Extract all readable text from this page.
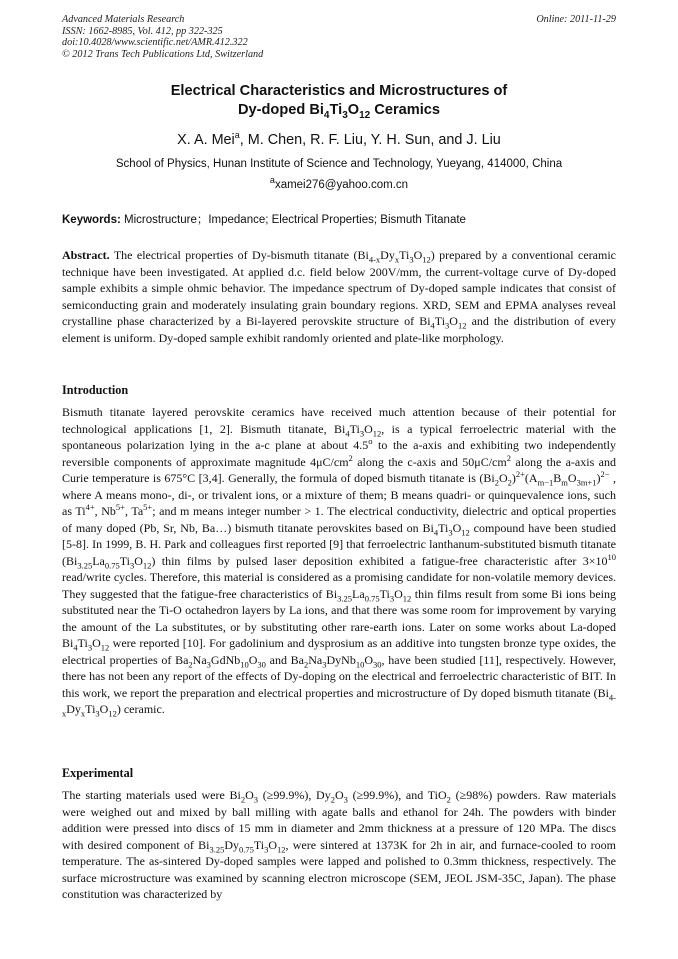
Advanced Materials Research
ISSN: 1662-8985, Vol. 412, pp 322-325
doi:10.4028/www.scientific.net/AMR.412.322
© 2012 Trans Tech Publications Ltd, Switzerland
Online: 2011-11-29
Electrical Characteristics and Microstructures of
Dy-doped $Bi_4Ti_3O_{12}$ Ceramics
X. A. Mei$^a$, M. Chen, R. F. Liu, Y. H. Sun, and J. Liu
School of Physics, Hunan Institute of Science and Technology, Yueyang, 414000, China
$^a$xamei276@yahoo.com.cn
Keywords: Microstructure；Impedance; Electrical Properties; Bismuth Titanate
Abstract. The electrical properties of Dy-bismuth titanate $(Bi_{4-x}Dy_xTi_3O_{12})$ prepared by a conventional ceramic technique have been investigated. At applied d.c. field below 200V/mm, the current-voltage curve of Dy-doped sample exhibits a simple ohmic behavior. The impedance spectrum of Dy-doped sample indicates that consist of semiconducting grain and moderately insulating grain boundary regions. XRD, SEM and EPMA analyses reveal crystalline phase characterized by a Bi-layered perovskite structure of $Bi_4Ti_3O_{12}$ and the distribution of every element is uniform. Dy-doped sample exhibit randomly oriented and plate-like morphology.
Introduction
Bismuth titanate layered perovskite ceramics have received much attention because of their potential for technological applications [1, 2]. Bismuth titanate, $Bi_4Ti_3O_{12}$, is a typical ferroelectric material with the spontaneous polarization lying in the a-c plane at about 4.5$^o$ to the a-axis and exhibiting two independently reversible components of approximate magnitude $4\mu C/cm^2$ along the c-axis and $50\mu C/cm^2$ along the a-axis and Curie temperature is 675°C [3,4]. Generally, the formula of doped bismuth titanate is $(Bi_2O_2)^{2+}(A_{m-1}B_mO_{3m+1})^{2-}$ , where A means mono-, di-, or trivalent ions, or a mixture of them; B means quadri- or quinquevalence ions, such as $Ti^{4+}$, $Nb^{5+}$, $Ta^{5+}$; and m means integer number > 1. The electrical conductivity, dielectric and optical properties of many doped (Pb, Sr, Nb, Ba…) bismuth titanate perovskites based on $Bi_4Ti_3O_{12}$ compound have been studied [5-8]. In 1999, B. H. Park and colleagues first reported [9] that ferroelectric lanthanum-substituted bismuth titanate $(Bi_{3.25}La_{0.75}Ti_3O_{12})$ thin films by pulsed laser deposition exhibited a fatigue-free characteristic after $3\times 10^{10}$ read/write cycles. Therefore, this material is considered as a promising candidate for non-volatile memory devices. They suggested that the fatigue-free characteristics of $Bi_{3.25}La_{0.75}Ti_3O_{12}$ thin films result from some Bi ions being substituted near the Ti-O octahedron layers by La ions, and that there was some room for improvement by varying the amount of the La substitutes, or by substituting other rare-earth ions. Later on some works about La-doped $Bi_4Ti_3O_{12}$ were reported [10]. For gadolinium and dysprosium as an additive into tungsten bronze type oxides, the electrical properties of $Ba_2Na_3GdNb_{10}O_{30}$ and $Ba_2Na_3DyNb_{10}O_{30}$, have been studied [11], respectively. However, there has not been any report of the effects of Dy-doping on the electrical and ferroelectric characteristic of BIT. In this work, we report the preparation and electrical properties and microstructure of Dy doped bismuth titanate $(Bi_{4-x}Dy_xTi_3O_{12})$ ceramic.
Experimental
The starting materials used were $Bi_2O_3$ (≥99.9%), $Dy_2O_3$ (≥99.9%), and TiO$_2$ (≥98%) powders. Raw materials were weighed out and mixed by ball milling with agate balls and ethanol for 24h. The powders with binder addition were pressed into discs of 15 mm in diameter and 2mm thickness at a pressure of 120 MPa. The discs with desired component of $Bi_{3.25}Dy_{0.75}Ti_3O_{12}$, were sintered at 1373K for 2h in air, and furnace-cooled to room temperature. The as-sintered Dy-doped samples were lapped and polished to 0.3mm thickness, respectively. The surface microstructure was examined by scanning electron microscope (SEM, JEOL JSM-35C, Japan). The phase constitution was characterized by
